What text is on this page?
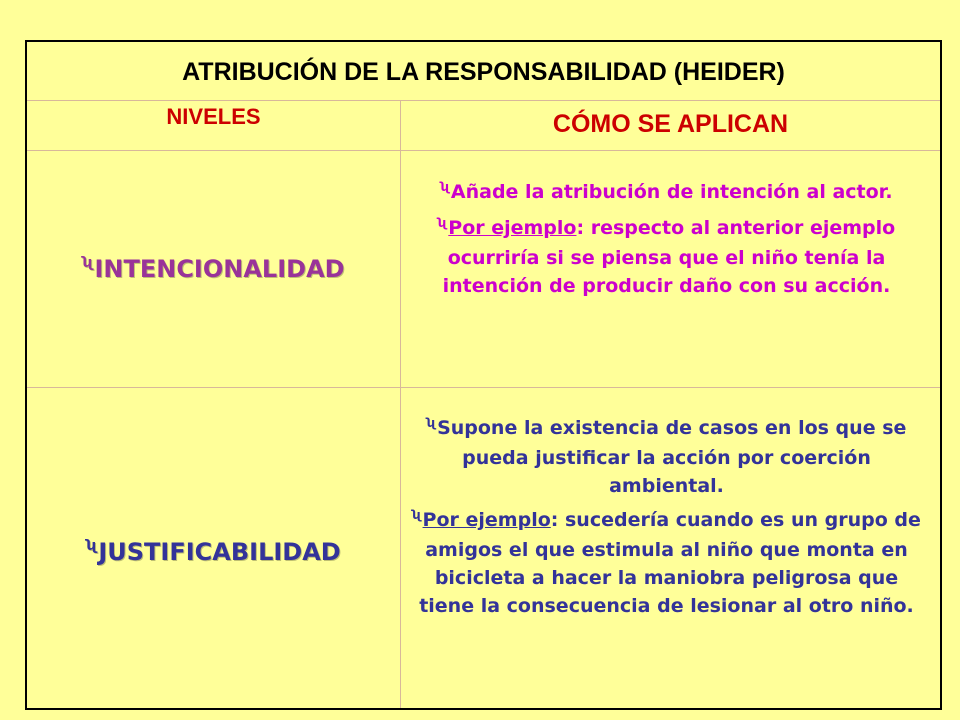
ATRIBUCIÓN DE LA RESPONSABILIDAD (HEIDER)
NIVELES	CÓMO SE APLICAN
ʯ INTENCIONALIDAD

$^ʯ$Añade la atribución de intención al actor.

$^ʯ$Por ejemplo: respecto al anterior ejemplo ocurriría si se piensa que el niño tenía la intención de producir daño con su acción.

ʯ JUSTIFICABILIDAD

$^ʯ$Supone la existencia de casos en los que se pueda justificar la acción por coerción ambiental.

$^ʯ$Por ejemplo: sucedería cuando es un grupo de amigos el que estimula al niño que monta en bicicleta a hacer la maniobra peligrosa que tiene la consecuencia de lesionar al otro niño.
